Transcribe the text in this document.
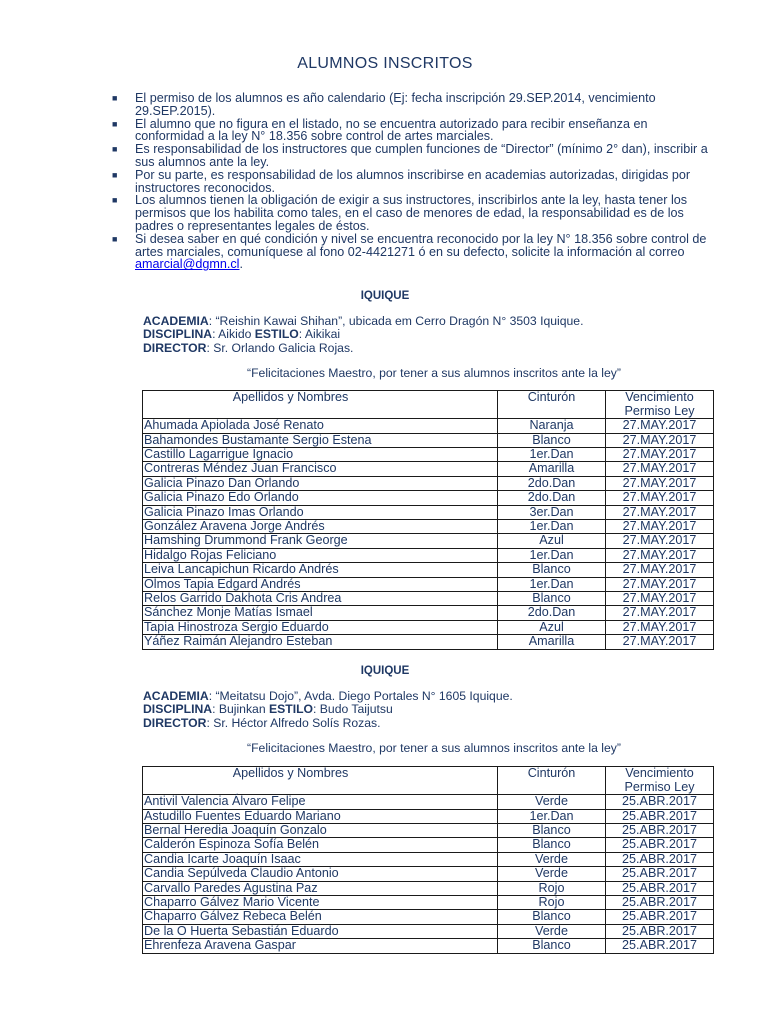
ALUMNOS INSCRITOS
■ El permiso de los alumnos es año calendario (Ej: fecha inscripción 29.SEP.2014, vencimiento 29.SEP.2015).
■ El alumno que no figura en el listado, no se encuentra autorizado para recibir enseñanza en conformidad a la ley N° 18.356 sobre control de artes marciales.
■ Es responsabilidad de los instructores que cumplen funciones de “Director” (mínimo 2° dan), inscribir a sus alumnos ante la ley.
■ Por su parte, es responsabilidad de los alumnos inscribirse en academias autorizadas, dirigidas por instructores reconocidos.
■ Los alumnos tienen la obligación de exigir a sus instructores, inscribirlos ante la ley, hasta tener los permisos que los habilita como tales, en el caso de menores de edad, la responsabilidad es de los padres o representantes legales de éstos.
■ Si desea saber en qué condición y nivel se encuentra reconocido por la ley N° 18.356 sobre control de artes marciales, comuníquese al fono 02-4421271 ó en su defecto, solicite la información al correo amarcial@dgmn.cl.
IQUIQUE
ACADEMIA: “Reishin Kawai Shihan”, ubicada em Cerro Dragón N° 3503 Iquique.
DISCIPLINA: Aikido ESTILO: Aikikai
DIRECTOR: Sr. Orlando Galicia Rojas.
“Felicitaciones Maestro, por tener a sus alumnos inscritos ante la ley”
Apellidos y Nombres	Cinturón	Vencimiento
Permiso Ley
Ahumada Apiolada José Renato	Naranja	27.MAY.2017
Bahamondes Bustamante Sergio Estena	Blanco	27.MAY.2017
Castillo Lagarrigue Ignacio	1er.Dan	27.MAY.2017
Contreras Méndez Juan Francisco	Amarilla	27.MAY.2017
Galicia Pinazo Dan Orlando	2do.Dan	27.MAY.2017
Galicia Pinazo Edo Orlando	2do.Dan	27.MAY.2017
Galicia Pinazo Imas Orlando	3er.Dan	27.MAY.2017
González Aravena Jorge Andrés	1er.Dan	27.MAY.2017
Hamshing Drummond Frank George	Azul	27.MAY.2017
Hidalgo Rojas Feliciano	1er.Dan	27.MAY.2017
Leiva Lancapichun Ricardo Andrés	Blanco	27.MAY.2017
Olmos Tapia Edgard Andrés	1er.Dan	27.MAY.2017
Relos Garrido Dakhota Cris Andrea	Blanco	27.MAY.2017
Sánchez Monje Matías Ismael	2do.Dan	27.MAY.2017
Tapia Hinostroza Sergio Eduardo	Azul	27.MAY.2017
Yáñez Raimán Alejandro Esteban	Amarilla	27.MAY.2017
IQUIQUE
ACADEMIA: “Meitatsu Dojo”, Avda. Diego Portales N° 1605 Iquique.
DISCIPLINA: Bujinkan ESTILO: Budo Taijutsu
DIRECTOR: Sr. Héctor Alfredo Solís Rozas.
“Felicitaciones Maestro, por tener a sus alumnos inscritos ante la ley”
Apellidos y Nombres	Cinturón	Vencimiento
Permiso Ley
Antivil Valencia Álvaro Felipe	Verde	25.ABR.2017
Astudillo Fuentes Eduardo Mariano	1er.Dan	25.ABR.2017
Bernal Heredia Joaquín Gonzalo	Blanco	25.ABR.2017
Calderón Espinoza Sofía Belén	Blanco	25.ABR.2017
Candia Icarte Joaquín Isaac	Verde	25.ABR.2017
Candia Sepúlveda Claudio Antonio	Verde	25.ABR.2017
Carvallo Paredes Agustina Paz	Rojo	25.ABR.2017
Chaparro Gálvez Mario Vicente	Rojo	25.ABR.2017
Chaparro Gálvez Rebeca Belén	Blanco	25.ABR.2017
De la O Huerta Sebastián Eduardo	Verde	25.ABR.2017
Ehrenfeza Aravena Gaspar	Blanco	25.ABR.2017
